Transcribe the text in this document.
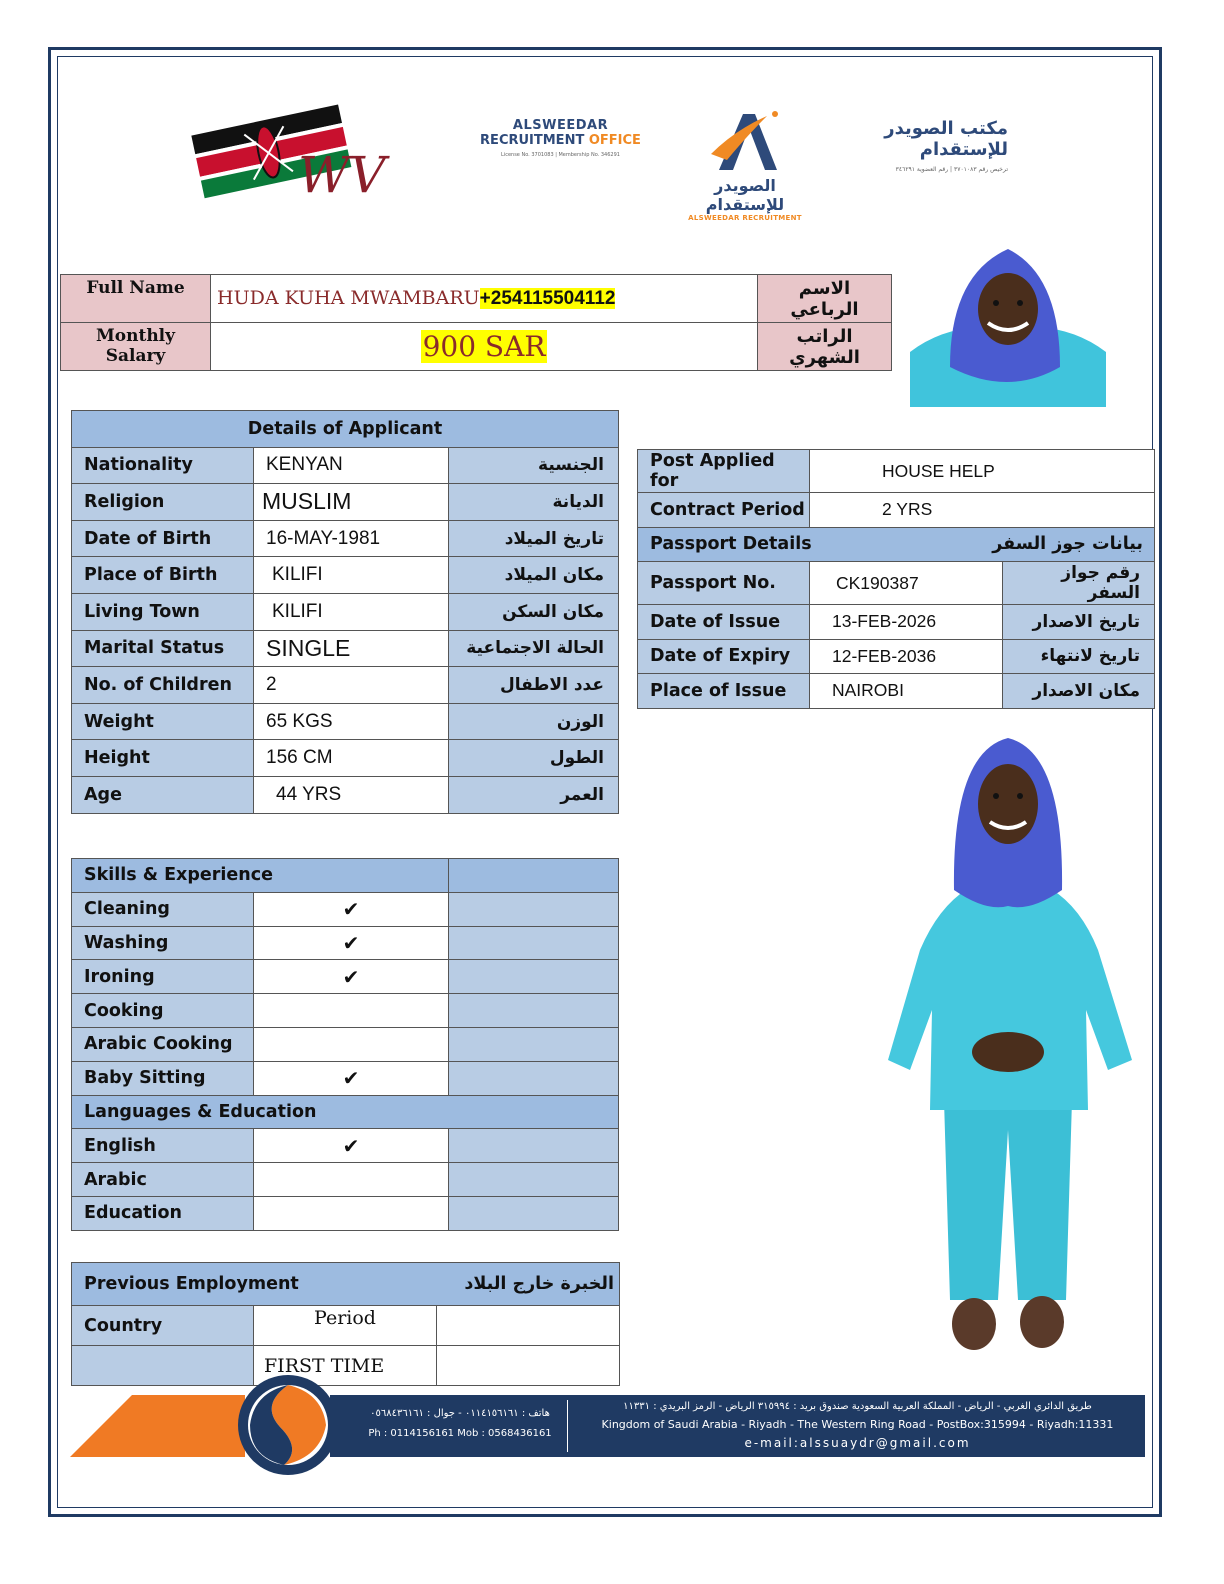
WV
ALSWEEDAR
RECRUITMENT OFFICE
License No. 3701083 | Membership No. 346291
الصويدر للإستقدام
ALSWEEDAR RECRUITMENT
مكتب الصويدر للإستقدام
ترخيص رقم ٣٧٠١٠٨٣ | رقم العضوية ٣٤٦٢٩١
Full Name	HUDA KUHA MWAMBARU+254115504112	الاسم الرباعي
Monthly Salary	900 SAR	الراتب الشهري
Details of Applicant		
Nationality	KENYAN	الجنسية
Religion	MUSLIM	الديانة
Date of Birth	16-MAY-1981	تاريخ الميلاد
Place of Birth	KILIFI	مكان الميلاد
Living Town	KILIFI	مكان السكن
Marital Status	SINGLE	الحالة الاجتماعية
No. of Children	2	عدد الاطفال
Weight	65 KGS	الوزن
Height	156 CM	الطول
Age	44 YRS	العمر
Post Applied for	HOUSE HELP	
Contract Period	2 YRS	
Passport Details بيانات جوز السفر		

Passport No.	CK190387	رقم جواز السفر
Date of Issue	13-FEB-2026	تاريخ الاصدار
Date of Expiry	12-FEB-2036	تاريخ لانتهاء
Place of Issue	NAIROBI	مكان الاصدار
Skills & Experience		
Cleaning	✔	
Washing	✔	
Ironing	✔	
Cooking		
Arabic Cooking		
Baby Sitting	✔	
Languages & Education		
English	✔	
Arabic		
Education		
Previous Employment الخبرة خارج البلاد		

Country	Period	
	FIRST TIME	
هاتف : ٠١١٤١٥٦١٦١ - جوال : ٠٥٦٨٤٣٦١٦١
Ph : 0114156161 Mob : 0568436161
طريق الدائري الغربي - الرياض - المملكة العربية السعودية صندوق بريد : ٣١٥٩٩٤ الرياض - الرمز البريدي : ١١٣٣١
Kingdom of Saudi Arabia - Riyadh - The Western Ring Road - PostBox:315994 - Riyadh:11331
e-mail:alssuaydr@gmail.com
